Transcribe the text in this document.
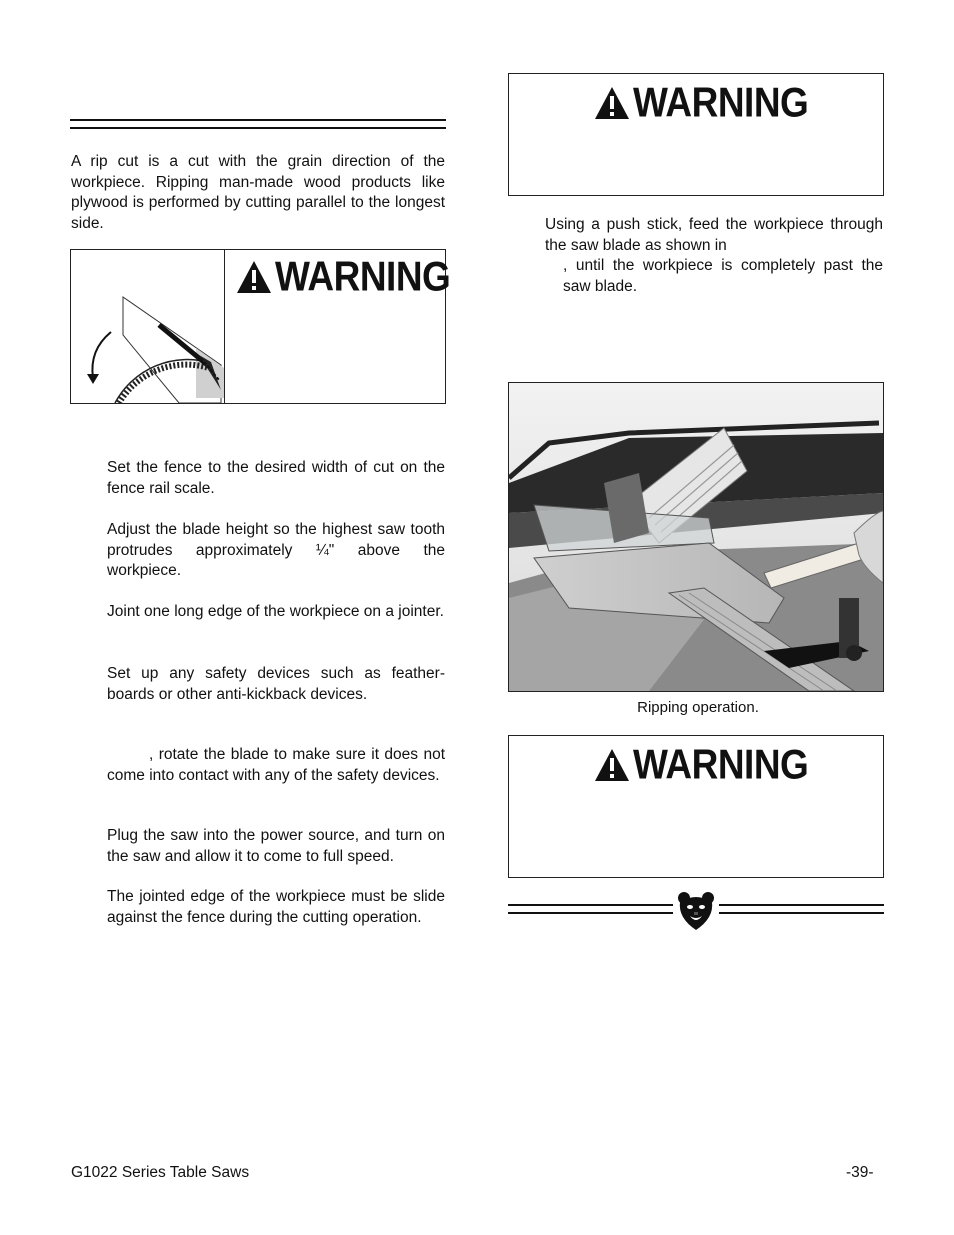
A rip cut is a cut with the grain direction of the workpiece. Ripping man-made wood products like plywood is performed by cutting parallel to the longest side.

WARNING

Set the fence to the desired width of cut on the fence rail scale.

Adjust the blade height so the highest saw tooth protrudes approximately ¼" above the workpiece.

Joint one long edge of the workpiece on a jointer.

Set up any safety devices such as feather-boards or other anti-kickback devices.

, rotate the blade to make sure it does not come into contact with any of the safety devices.

Plug the saw into the power source, and turn on the saw and allow it to come to full speed.

The jointed edge of the workpiece must be slide against the fence during the cutting operation.

WARNING
Using a push stick, feed the workpiece through the saw blade as shown in
, until the workpiece is completely past the saw blade.
Ripping operation.
WARNING
G1022 Series Table Saws	-39-
